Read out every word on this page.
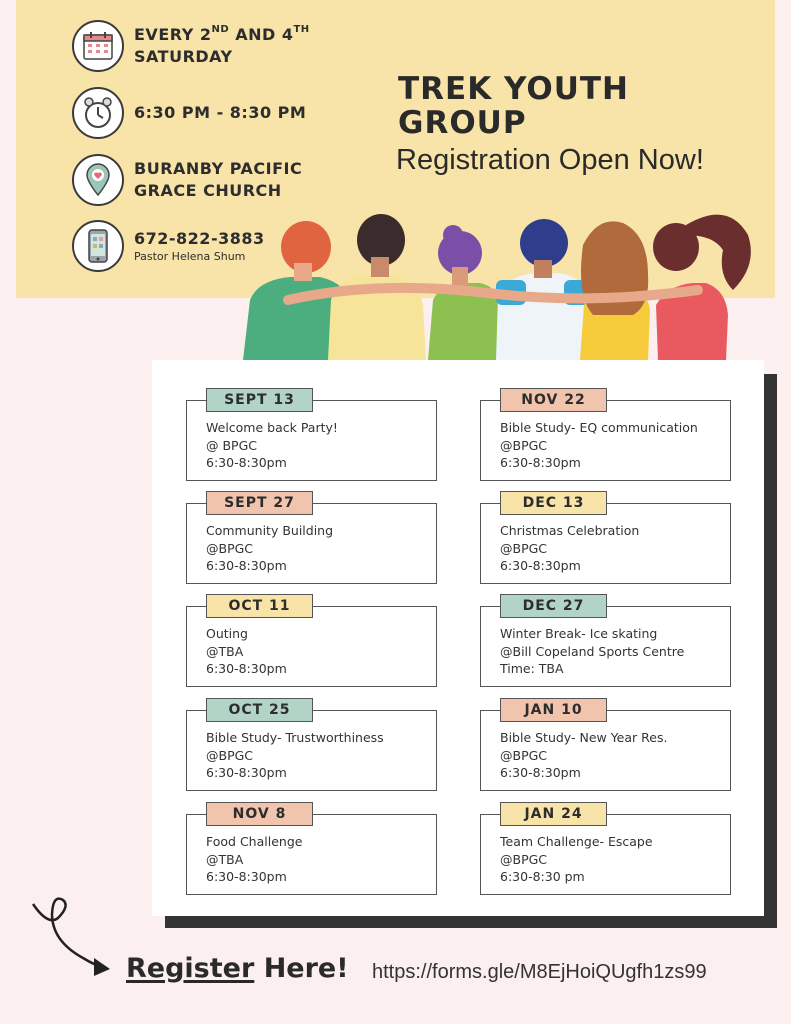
EVERY 2ND AND 4TH
SATURDAY
6:30 PM - 8:30 PM
BURANBY PACIFIC
GRACE CHURCH
672-822-3883
Pastor Helena Shum
TREK YOUTH
GROUP
Registration Open Now!
SEPT 13
Welcome back Party!
@ BPGC
6:30-8:30pm
NOV 22
Bible Study- EQ communication
@BPGC
6:30-8:30pm
SEPT 27
Community Building
@BPGC
6:30-8:30pm
DEC 13
Christmas Celebration
@BPGC
6:30-8:30pm
OCT 11
Outing
@TBA
6:30-8:30pm
DEC 27
Winter Break- Ice skating
@Bill Copeland Sports Centre
Time: TBA
OCT 25
Bible Study- Trustworthiness
@BPGC
6:30-8:30pm
JAN 10
Bible Study- New Year Res.
@BPGC
6:30-8:30pm
NOV 8
Food Challenge
@TBA
6:30-8:30pm
JAN 24
Team Challenge- Escape
@BPGC
6:30-8:30 pm
Register Here! https://forms.gle/M8EjHoiQUgfh1zs99
